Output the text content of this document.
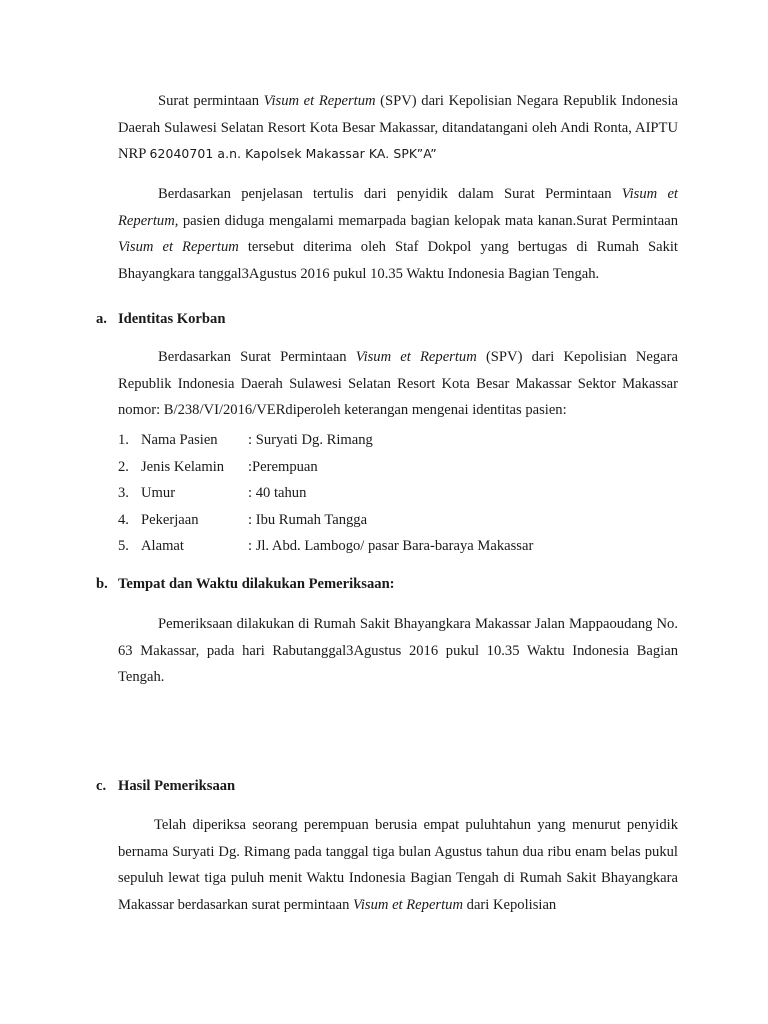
Surat permintaan Visum et Repertum (SPV) dari Kepolisian Negara Republik Indonesia Daerah Sulawesi Selatan Resort Kota Besar Makassar, ditandatangani oleh Andi Ronta, AIPTU NRP 62040701 a.n. Kapolsek Makassar KA. SPK”A”

Berdasarkan penjelasan tertulis dari penyidik dalam Surat Permintaan Visum et Repertum, pasien diduga mengalami memarpada bagian kelopak mata kanan.Surat Permintaan Visum et Repertum tersebut diterima oleh Staf Dokpol yang bertugas di Rumah Sakit Bhayangkara tanggal3Agustus 2016 pukul 10.35 Waktu Indonesia Bagian Tengah.

a. Identitas Korban

Berdasarkan Surat Permintaan Visum et Repertum (SPV) dari Kepolisian Negara Republik Indonesia Daerah Sulawesi Selatan Resort Kota Besar Makassar Sektor Makassar nomor: B/238/VI/2016/VERdiperoleh keterangan mengenai identitas pasien:

1. Nama Pasien : Suryati Dg. Rimang
2. Jenis Kelamin :Perempuan
3. Umur	: 40 tahun
4. Pekerjaan	: Ibu Rumah Tangga
5. Alamat	: Jl. Abd. Lambogo/ pasar Bara-baraya Makassar
b. Tempat dan Waktu dilakukan Pemeriksaan:

Pemeriksaan dilakukan di Rumah Sakit Bhayangkara Makassar Jalan Mappaoudang No. 63 Makassar, pada hari Rabutanggal3Agustus 2016 pukul 10.35 Waktu Indonesia Bagian Tengah.

c. Hasil Pemeriksaan

Telah diperiksa seorang perempuan berusia empat puluhtahun yang menurut penyidik bernama Suryati Dg. Rimang pada tanggal tiga bulan Agustus tahun dua ribu enam belas pukul sepuluh lewat tiga puluh menit Waktu Indonesia Bagian Tengah di Rumah Sakit Bhayangkara Makassar berdasarkan surat permintaan Visum et Repertum dari Kepolisian
